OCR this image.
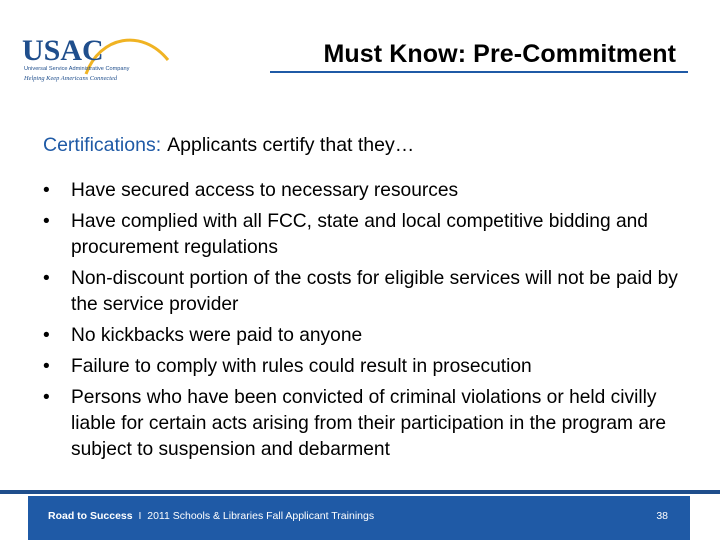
USAC
Universal Service Administrative Company
Helping Keep Americans Connected
Must Know: Pre-Commitment
Certifications: Applicants certify that they…
• Have secured access to necessary resources
• Have complied with all FCC, state and local competitive bidding and procurement regulations
• Non-discount portion of the costs for eligible services will not be paid by the service provider
• No kickbacks were paid to anyone
• Failure to comply with rules could result in prosecution
• Persons who have been convicted of criminal violations or held civilly liable for certain acts arising from their participation in the program are subject to suspension and debarment
Road to Success I 2011 Schools & Libraries Fall Applicant Trainings	38
